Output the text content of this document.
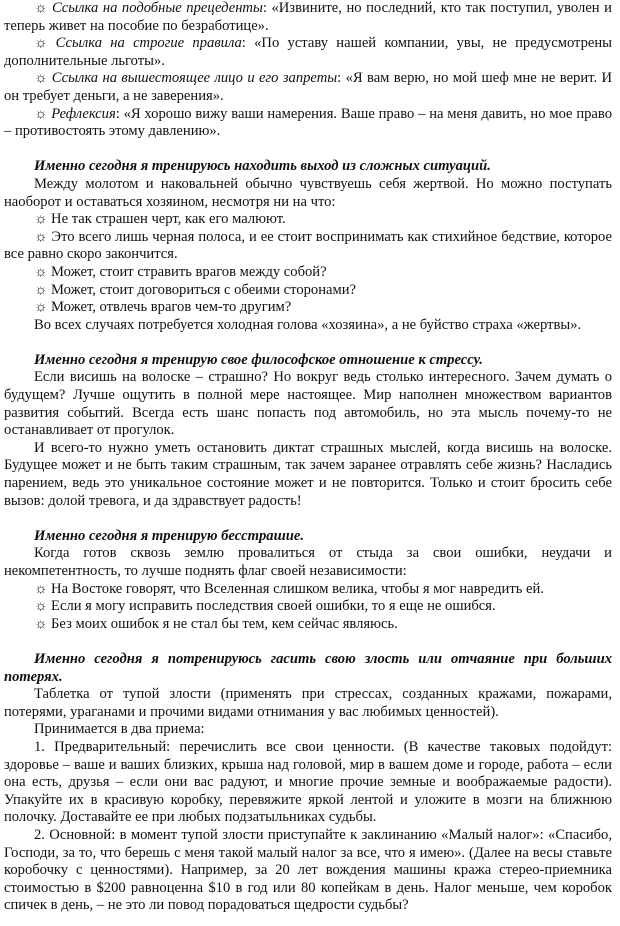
☼ Ссылка на подобные прецеденты: «Извините, но последний, кто так поступил, уволен и теперь живет на пособие по безработице».

☼ Ссылка на строгие правила: «По уставу нашей компании, увы, не предусмотрены дополнительные льготы».

☼ Ссылка на вышестоящее лицо и его запреты: «Я вам верю, но мой шеф мне не верит. И он требует деньги, а не заверения».

☼ Рефлексия: «Я хорошо вижу ваши намерения. Ваше право – на меня давить, но мое право – противостоять этому давлению».

Именно сегодня я тренируюсь находить выход из сложных ситуаций.

Между молотом и наковальней обычно чувствуешь себя жертвой. Но можно поступать наоборот и оставаться хозяином, несмотря ни на что:

☼ Не так страшен черт, как его малюют.

☼ Это всего лишь черная полоса, и ее стоит воспринимать как стихийное бедствие, которое все равно скоро закончится.

☼ Может, стоит стравить врагов между собой?

☼ Может, стоит договориться с обеими сторонами?

☼ Может, отвлечь врагов чем-то другим?

Во всех случаях потребуется холодная голова «хозяина», а не буйство страха «жертвы».

Именно сегодня я тренирую свое философское отношение к стрессу.

Если висишь на волоске – страшно? Но вокруг ведь столько интересного. Зачем думать о будущем? Лучше ощутить в полной мере настоящее. Мир наполнен множеством вариантов развития событий. Всегда есть шанс попасть под автомобиль, но эта мысль почему-то не останавливает от прогулок.

И всего-то нужно уметь остановить диктат страшных мыслей, когда висишь на волоске. Будущее может и не быть таким страшным, так зачем заранее отравлять себе жизнь? Насладись парением, ведь это уникальное состояние может и не повторится. Только и стоит бросить себе вызов: долой тревога, и да здравствует радость!

Именно сегодня я тренирую бесстрашие.

Когда готов сквозь землю провалиться от стыда за свои ошибки, неудачи и некомпетентность, то лучше поднять флаг своей независимости:

☼ На Востоке говорят, что Вселенная слишком велика, чтобы я мог навредить ей.

☼ Если я могу исправить последствия своей ошибки, то я еще не ошибся.

☼ Без моих ошибок я не стал бы тем, кем сейчас являюсь.

Именно сегодня я потренируюсь гасить свою злость или отчаяние при больших потерях.

Таблетка от тупой злости (применять при стрессах, созданных кражами, пожарами, потерями, ураганами и прочими видами отнимания у вас любимых ценностей).

Принимается в два приема:

1. Предварительный: перечислить все свои ценности. (В качестве таковых подойдут: здоровье – ваше и ваших близких, крыша над головой, мир в вашем доме и городе, работа – если она есть, друзья – если они вас радуют, и многие прочие земные и воображаемые радости). Упакуйте их в красивую коробку, перевяжите яркой лентой и уложите в мозги на ближнюю полочку. Доставайте ее при любых подзатыльниках судьбы.

2. Основной: в момент тупой злости приступайте к заклинанию «Малый налог»: «Спасибо, Господи, за то, что берешь с меня такой малый налог за все, что я имею». (Далее на весы ставьте коробочку с ценностями). Например, за 20 лет вождения машины кража стерео-приемника стоимостью в $200 равноценна $10 в год или 80 копейкам в день. Налог меньше, чем коробок спичек в день, – не это ли повод порадоваться щедрости судьбы?
